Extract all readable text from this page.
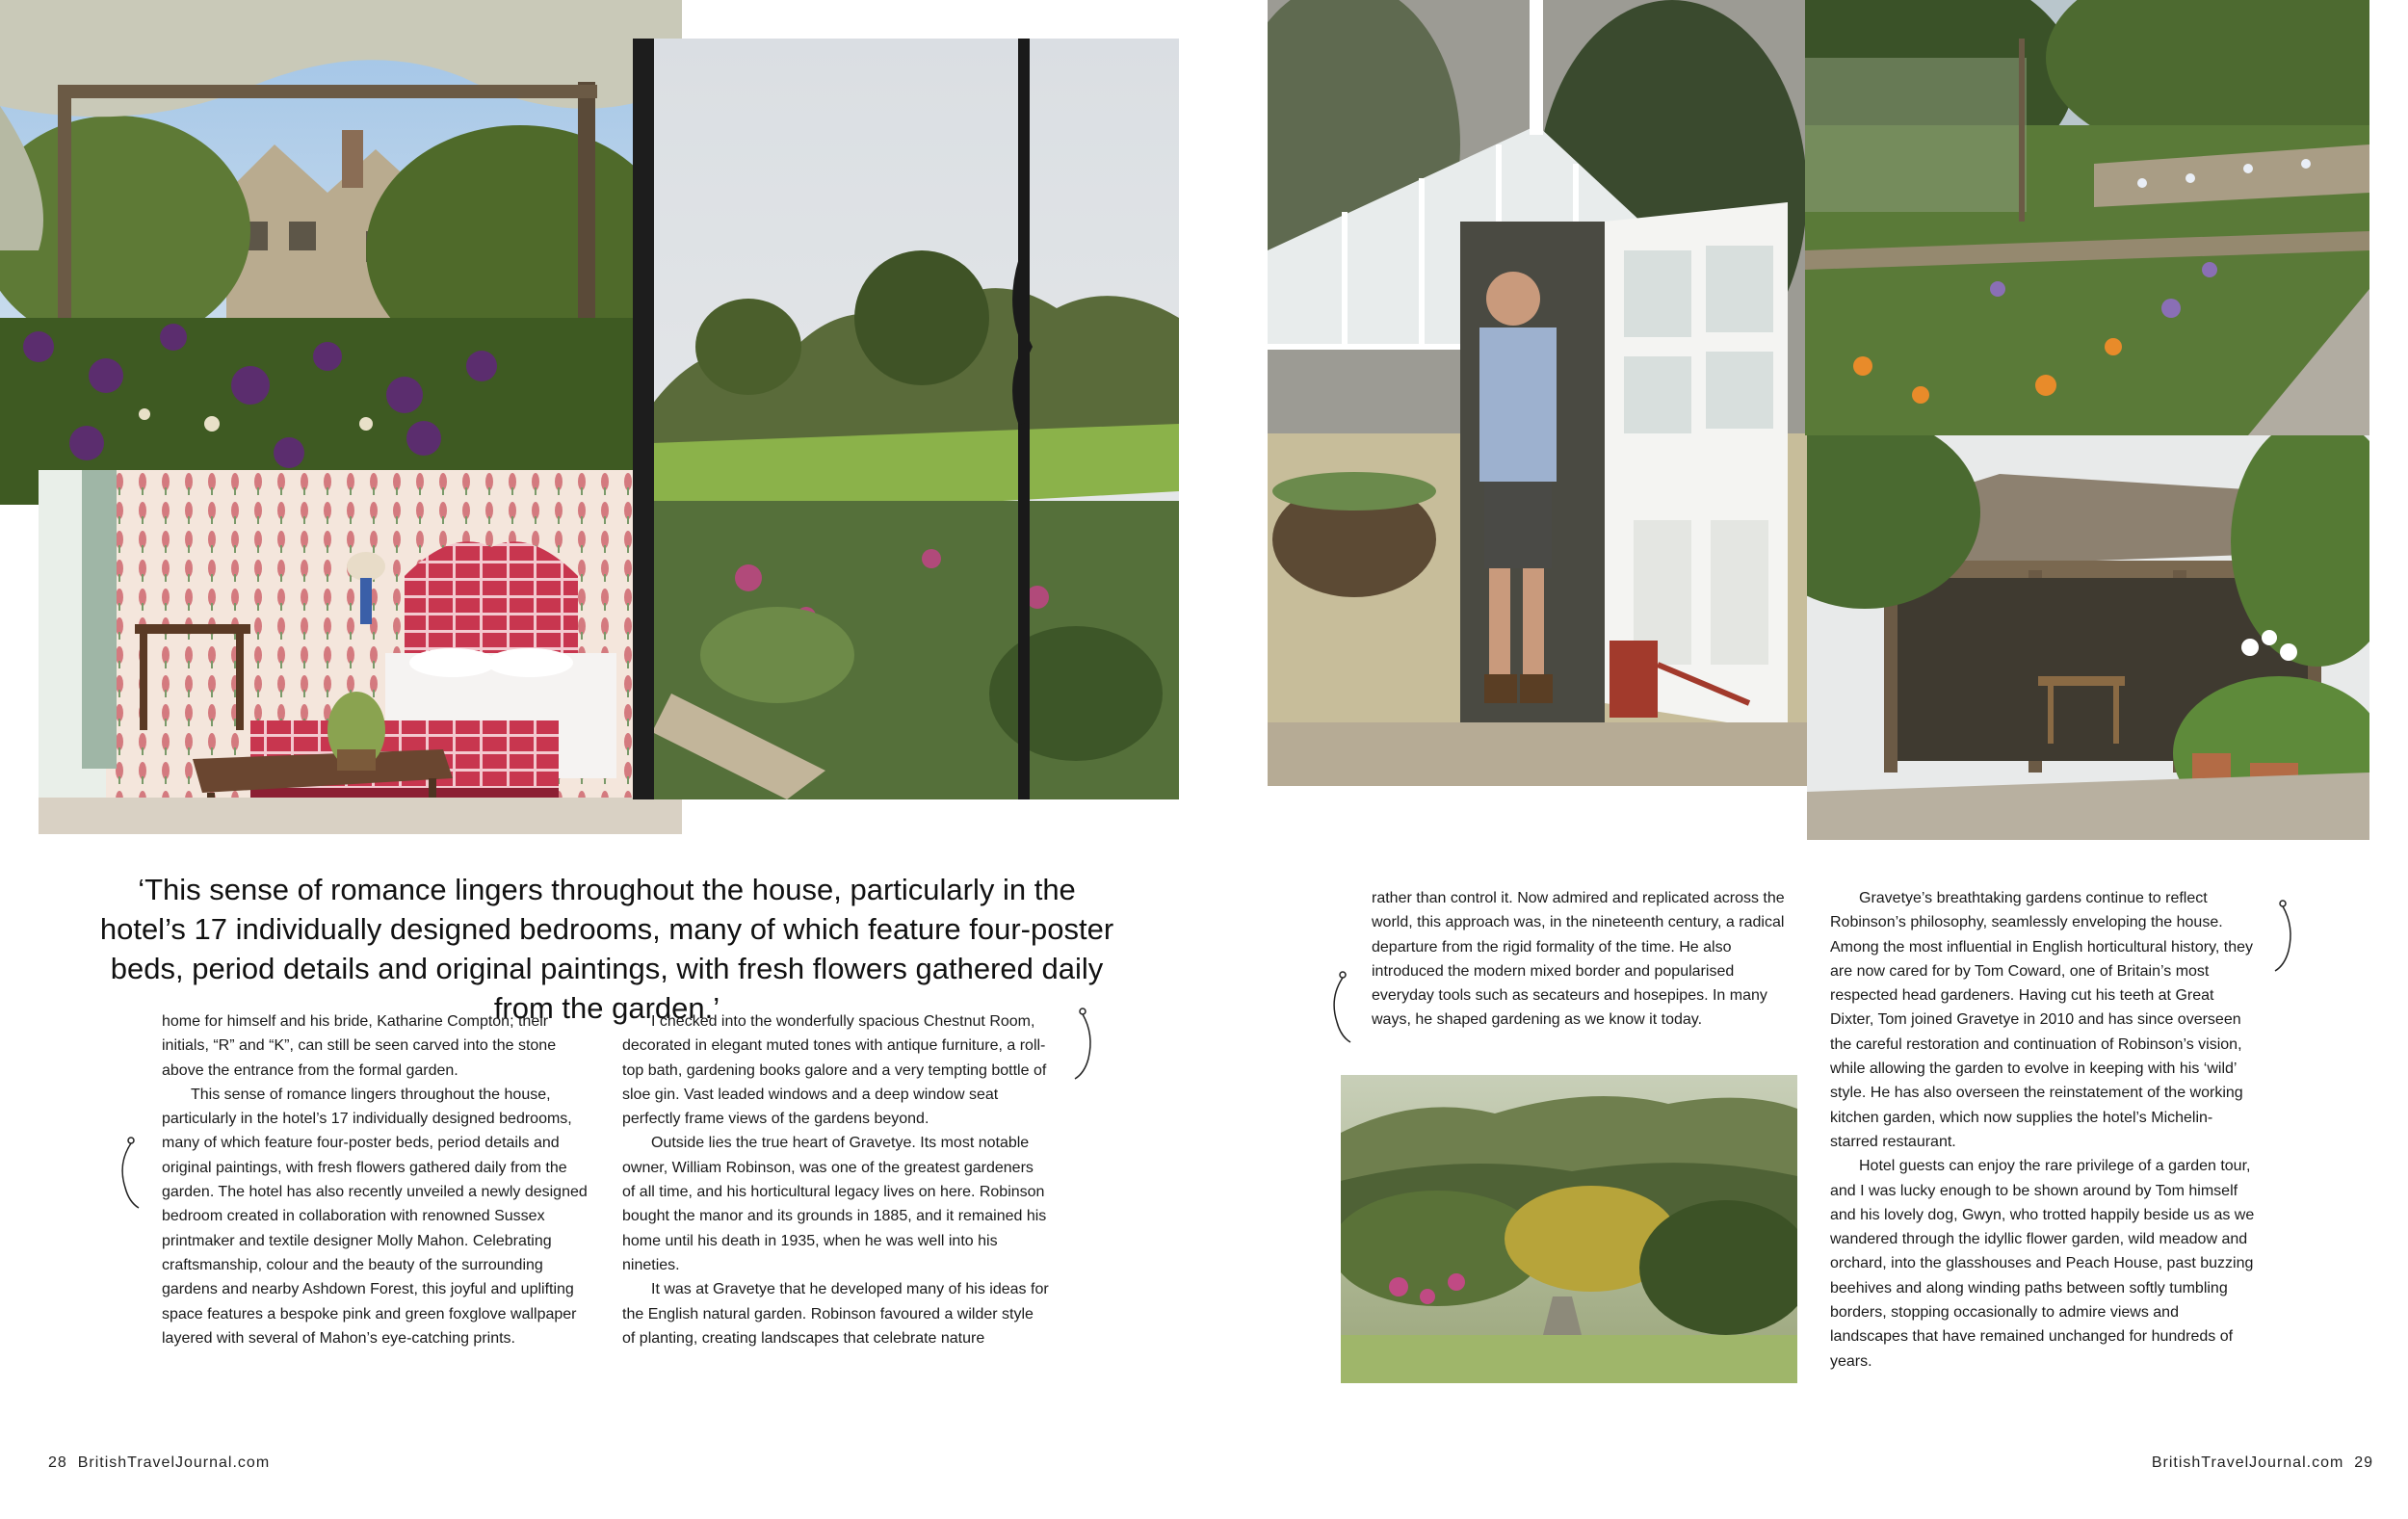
‘This sense of romance lingers throughout the house, particularly in the hotel’s 17 individually designed bedrooms, many of which feature four-poster beds, period details and original paintings, with fresh flowers gathered daily from the garden.’

home for himself and his bride, Katharine Compton; their initials, “R” and “K”, can still be seen carved into the stone above the entrance from the formal garden.

This sense of romance lingers throughout the house, particularly in the hotel’s 17 individually designed bedrooms, many of which feature four-poster beds, period details and original paintings, with fresh flowers gathered daily from the garden. The hotel has also recently unveiled a newly designed bedroom created in collaboration with renowned Sussex printmaker and textile designer Molly Mahon. Celebrating craftsmanship, colour and the beauty of the surrounding gardens and nearby Ashdown Forest, this joyful and uplifting space features a bespoke pink and green foxglove wallpaper layered with several of Mahon’s eye-catching prints.

I checked into the wonderfully spacious Chestnut Room, decorated in elegant muted tones with antique furniture, a roll-top bath, gardening books galore and a very tempting bottle of sloe gin. Vast leaded windows and a deep window seat perfectly frame views of the gardens beyond.

Outside lies the true heart of Gravetye. Its most notable owner, William Robinson, was one of the greatest gardeners of all time, and his horticultural legacy lives on here. Robinson bought the manor and its grounds in 1885, and it remained his home until his death in 1935, when he was well into his nineties.

It was at Gravetye that he developed many of his ideas for the English natural garden. Robinson favoured a wilder style of planting, creating landscapes that celebrate nature

28 BritishTravelJournal.com

rather than control it. Now admired and replicated across the world, this approach was, in the nineteenth century, a radical departure from the rigid formality of the time. He also introduced the modern mixed border and popularised everyday tools such as secateurs and hosepipes. In many ways, he shaped gardening as we know it today.

Gravetye’s breathtaking gardens continue to reflect Robinson’s philosophy, seamlessly enveloping the house. Among the most influential in English horticultural history, they are now cared for by Tom Coward, one of Britain’s most respected head gardeners. Having cut his teeth at Great Dixter, Tom joined Gravetye in 2010 and has since overseen the careful restoration and continuation of Robinson’s vision, while allowing the garden to evolve in keeping with his ‘wild’ style. He has also overseen the reinstatement of the working kitchen garden, which now supplies the hotel’s Michelin-starred restaurant.

Hotel guests can enjoy the rare privilege of a garden tour, and I was lucky enough to be shown around by Tom himself and his lovely dog, Gwyn, who trotted happily beside us as we wandered through the idyllic flower garden, wild meadow and orchard, into the glasshouses and Peach House, past buzzing beehives and along winding paths between softly tumbling borders, stopping occasionally to admire views and landscapes that have remained unchanged for hundreds of years.

BritishTravelJournal.com 29
